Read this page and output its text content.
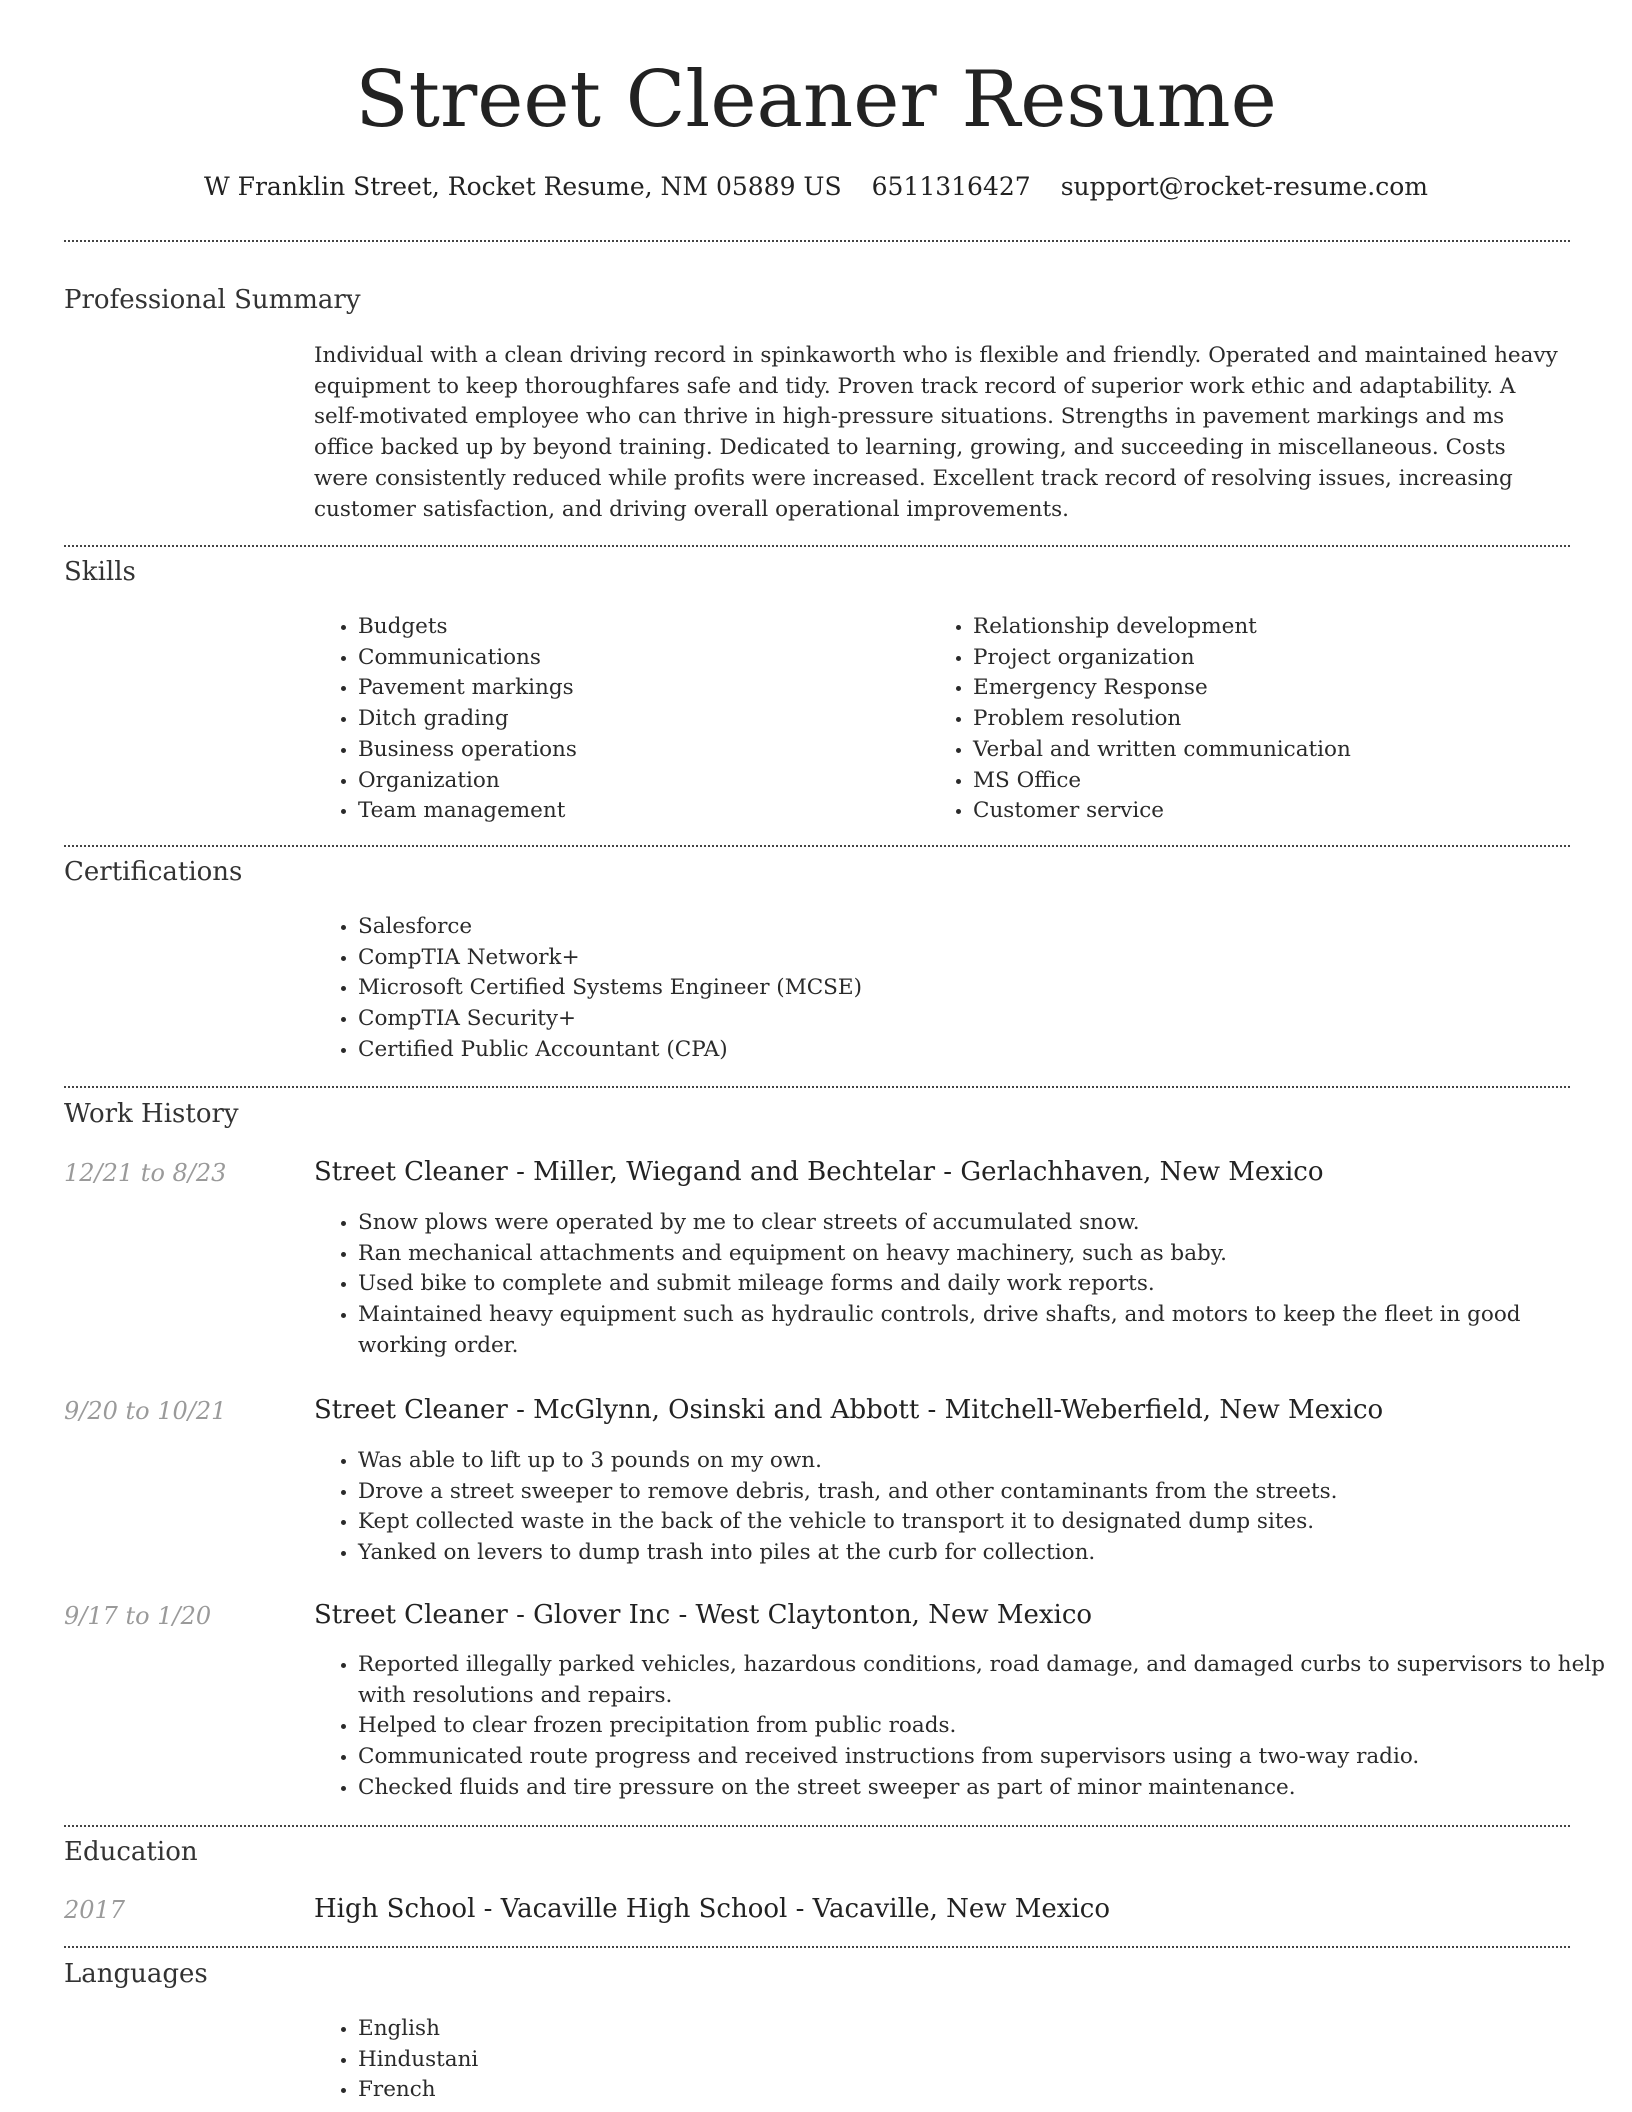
Street Cleaner Resume
W Franklin Street, Rocket Resume, NM 05889 US 6511316427 support@rocket-resume.com
Professional Summary
Individual with a clean driving record in spinkaworth who is flexible and friendly. Operated and maintained heavy equipment to keep thoroughfares safe and tidy. Proven track record of superior work ethic and adaptability. A self-motivated employee who can thrive in high-pressure situations. Strengths in pavement markings and ms office backed up by beyond training. Dedicated to learning, growing, and succeeding in miscellaneous. Costs were consistently reduced while profits were increased. Excellent track record of resolving issues, increasing customer satisfaction, and driving overall operational improvements.
Skills
• Budgets
• Communications
• Pavement markings
• Ditch grading
• Business operations
• Organization
• Team management
• Relationship development
• Project organization
• Emergency Response
• Problem resolution
• Verbal and written communication
• MS Office
• Customer service
Certifications
• Salesforce
• CompTIA Network+
• Microsoft Certified Systems Engineer (MCSE)
• CompTIA Security+
• Certified Public Accountant (CPA)
Work History
12/21 to 8/23	Street Cleaner - Miller, Wiegand and Bechtelar - Gerlachhaven, New Mexico
• Snow plows were operated by me to clear streets of accumulated snow.
• Ran mechanical attachments and equipment on heavy machinery, such as baby.
• Used bike to complete and submit mileage forms and daily work reports.
• Maintained heavy equipment such as hydraulic controls, drive shafts, and motors to keep the fleet in good working order.
9/20 to 10/21	Street Cleaner - McGlynn, Osinski and Abbott - Mitchell-Weberfield, New Mexico
• Was able to lift up to 3 pounds on my own.
• Drove a street sweeper to remove debris, trash, and other contaminants from the streets.
• Kept collected waste in the back of the vehicle to transport it to designated dump sites.
• Yanked on levers to dump trash into piles at the curb for collection.
9/17 to 1/20	Street Cleaner - Glover Inc - West Claytonton, New Mexico
• Reported illegally parked vehicles, hazardous conditions, road damage, and damaged curbs to supervisors to help with resolutions and repairs.
• Helped to clear frozen precipitation from public roads.
• Communicated route progress and received instructions from supervisors using a two-way radio.
• Checked fluids and tire pressure on the street sweeper as part of minor maintenance.
Education
2017	High School - Vacaville High School - Vacaville, New Mexico
Languages
• English
• Hindustani
• French
